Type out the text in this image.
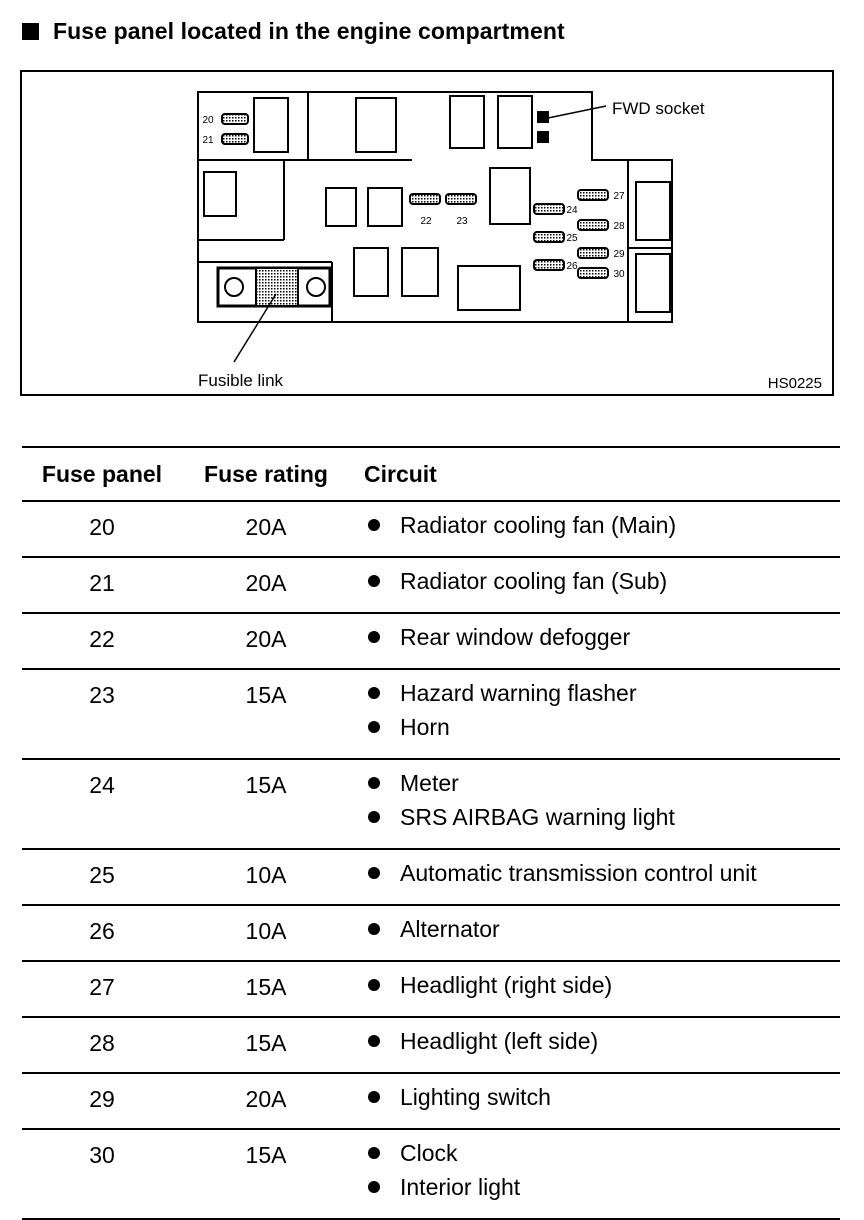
Fuse panel located in the engine compartment
20
21
22 23
24
25
26
27
28
29
30
FWD socket
Fusible link	HS0225
Fuse panel	Fuse rating	Circuit
20	20A	Radiator cooling fan (Main)

21	20A	Radiator cooling fan (Sub)

22	20A	Rear window defogger

23	15A	Hazard warning flasher
Horn

24	15A	Meter
SRS AIRBAG warning light

25	10A	Automatic transmission control unit

26	10A	Alternator

27	15A	Headlight (right side)

28	15A	Headlight (left side)

29	20A	Lighting switch

30	15A	Clock
Interior light
